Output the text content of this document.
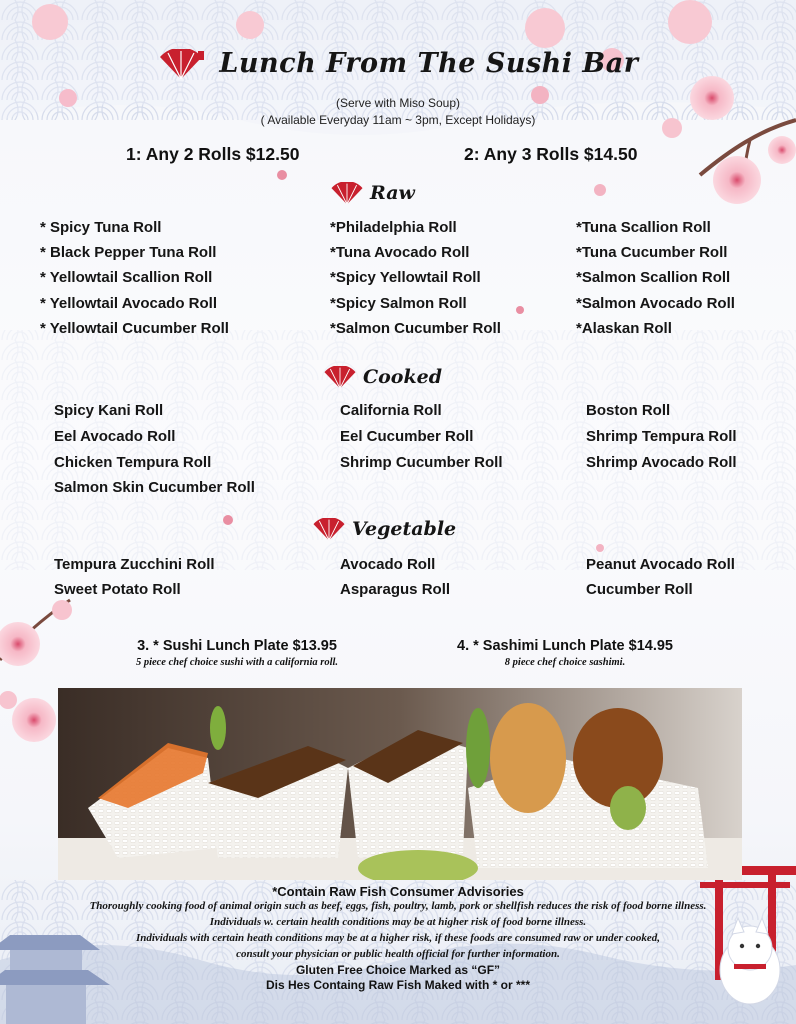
Lunch From The Sushi Bar
(Serve with Miso Soup)
( Available Everyday 11am ~ 3pm, Except Holidays)
1: Any 2 Rolls $12.50	2: Any 3 Rolls $14.50
Raw
* Spicy Tuna Roll
* Black Pepper Tuna Roll
* Yellowtail Scallion Roll
* Yellowtail Avocado Roll
* Yellowtail Cucumber Roll
*Philadelphia Roll
*Tuna Avocado Roll
*Spicy Yellowtail Roll
*Spicy Salmon Roll
*Salmon Cucumber Roll
*Tuna Scallion Roll
*Tuna Cucumber Roll
*Salmon Scallion Roll
*Salmon Avocado Roll
*Alaskan Roll
Cooked
Spicy Kani Roll
Eel Avocado Roll
Chicken Tempura Roll
Salmon Skin Cucumber Roll
California Roll
Eel Cucumber Roll
Shrimp Cucumber Roll
Boston Roll
Shrimp Tempura Roll
Shrimp Avocado Roll
Vegetable
Tempura Zucchini Roll
Sweet Potato Roll
Avocado Roll
Asparagus Roll
Peanut Avocado Roll
Cucumber Roll
3. * Sushi Lunch Plate $13.95
5 piece chef choice sushi with a california roll.
4. * Sashimi Lunch Plate $14.95
8 piece chef choice sashimi.
*Contain Raw Fish Consumer Advisories
Thoroughly cooking food of animal origin such as beef, eggs, fish, poultry, lamb, pork or shellfish reduces the risk of food borne illness.
Individuals w. certain health conditions may be at higher risk of food borne illness.
Individuals with certain heath conditions may be at a higher risk, if these foods are consumed raw or under cooked,
consult your physician or public health official for further information.
Gluten Free Choice Marked as “GF”
Dis Hes Containg Raw Fish Maked with * or ***
